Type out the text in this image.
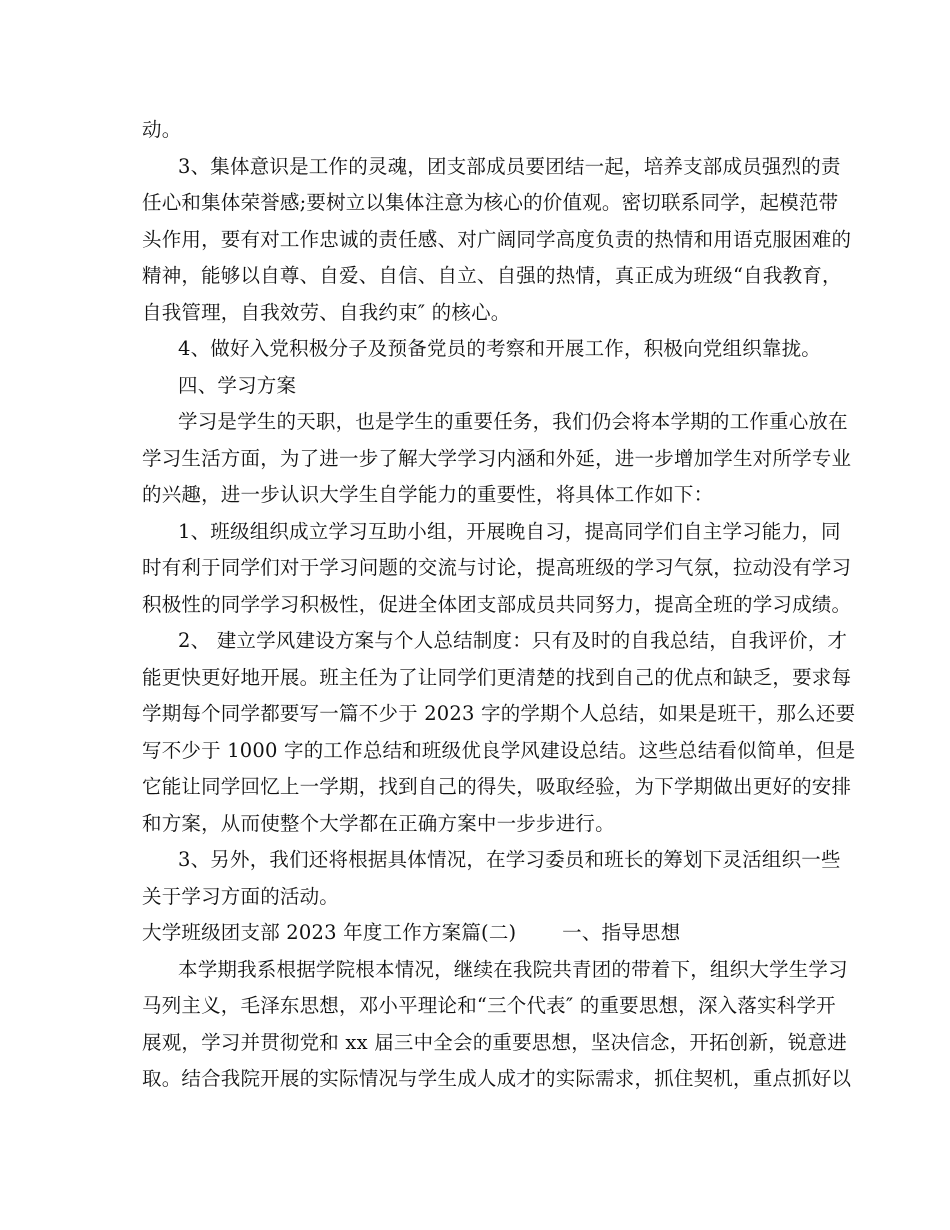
动。

3、集体意识是工作的灵魂，团支部成员要团结一起，培养支部成员强烈的责
任心和集体荣誉感;要树立以集体注意为核心的价值观。密切联系同学，起模范带
头作用，要有对工作忠诚的责任感、对广阔同学高度负责的热情和用语克服困难的
精神，能够以自尊、自爱、自信、自立、自强的热情，真正成为班级“自我教育，
自我管理，自我效劳、自我约束″ 的核心。

4、做好入党积极分子及预备党员的考察和开展工作，积极向党组织靠拢。

四、学习方案

学习是学生的天职，也是学生的重要任务，我们仍会将本学期的工作重心放在
学习生活方面，为了进一步了解大学学习内涵和外延，进一步增加学生对所学专业
的兴趣，进一步认识大学生自学能力的重要性，将具体工作如下：

1、班级组织成立学习互助小组，开展晚自习，提高同学们自主学习能力，同
时有利于同学们对于学习问题的交流与讨论，提高班级的学习气氛，拉动没有学习
积极性的同学学习积极性，促进全体团支部成员共同努力，提高全班的学习成绩。

2、 建立学风建设方案与个人总结制度：只有及时的自我总结，自我评价，才
能更快更好地开展。班主任为了让同学们更清楚的找到自己的优点和缺乏，要求每
学期每个同学都要写一篇不少于 2023 字的学期个人总结，如果是班干，那么还要
写不少于 1000 字的工作总结和班级优良学风建设总结。这些总结看似简单，但是
它能让同学回忆上一学期，找到自己的得失，吸取经验，为下学期做出更好的安排
和方案，从而使整个大学都在正确方案中一步步进行。

3、另外，我们还将根据具体情况，在学习委员和班长的筹划下灵活组织一些
关于学习方面的活动。

大学班级团支部 2023 年度工作方案篇(二)　　 一、指导思想

本学期我系根据学院根本情况，继续在我院共青团的带着下，组织大学生学习
马列主义，毛泽东思想，邓小平理论和“三个代表″ 的重要思想，深入落实科学开
展观，学习并贯彻党和 xx 届三中全会的重要思想，坚决信念，开拓创新，锐意进
取。结合我院开展的实际情况与学生成人成才的实际需求，抓住契机，重点抓好以
